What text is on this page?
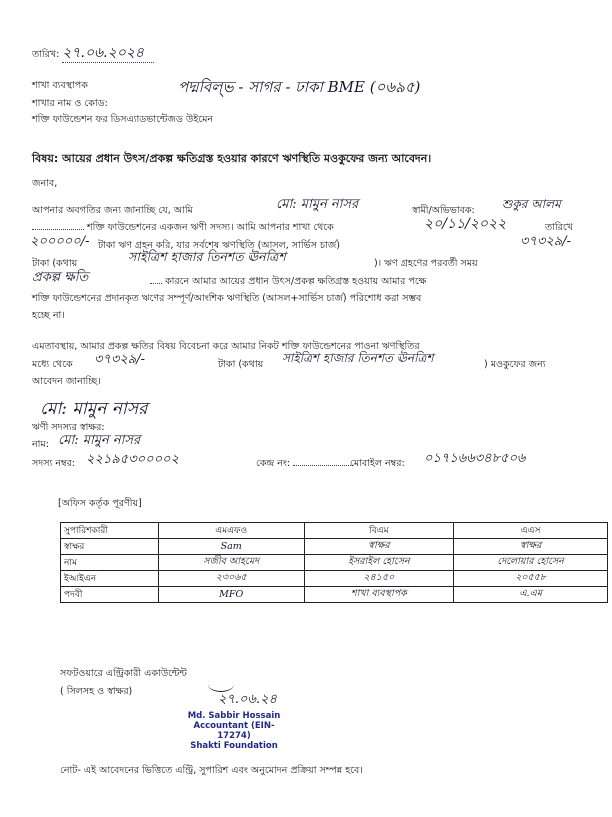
তারিখ: ২৭.০৬.২০২৪
শাখা ব্যবস্থাপক
শাখার নাম ও কোড:
পদ্মবিল্ভ - সাগর - ঢাকা BME (০৬৯৫)
শক্তি ফাউন্ডেশন ফর ডিসএ্যাডভান্টেজড উইমেন
বিষয়: আয়ের প্রধান উৎস/প্রকল্প ক্ষতিগ্রস্ত হওয়ার কারণে ঋণস্থিতি মওকুফের জন্য আবেদন।
জনাব,
আপনার অবগতির জন্য জানাচ্ছি যে, আমি	মো: মামুন নাসর	স্বামী/অভিভাবক: শুকুর আলম
শক্তি ফাউন্ডেশনের একজন ঋণী সদস্য। আমি আপনার শাখা থেকে	২০/১১/২০২২	তারিখে
২০০০০০/- টাকা ঋণ গ্রহন করি, যার সর্বশেষ ঋণস্থিতি (আসল, সার্ভিস চার্জ)	৩৭৩২৯/-
টাকা (কথায়	সাইত্রিশ হাজার তিনশত ঊনত্রিশ	)। ঋণ গ্রহণের পরবর্তী সময়
প্রকল্প ক্ষতি	কারনে আমার আয়ের প্রধান উৎস/প্রকল্প ক্ষতিগ্রস্ত হওয়ায় আমার পক্ষে
শক্তি ফাউন্ডেশনের প্রদানকৃত ঋণের সম্পূর্ণ/আংশিক ঋণস্থিতি (আসল+সার্ভিস চার্জ) পরিশোধ করা সম্ভব
হচ্ছে না।
এমতাবস্থায়, আমার প্রকল্প ক্ষতির বিষয় বিবেচনা করে আমার নিকট শক্তি ফাউন্ডেশনের পাওনা ঋণস্থিতির
মধ্যে থেকে ৩৭৩২৯/-	টাকা (কথায় সাইত্রিশ হাজার তিনশত ঊনত্রিশ	) মওকুফের জন্য
আবেদন জানাচ্ছি।
মো: মামুন নাসর
ঋণী সদস্যর স্বাক্ষর:
নাম: মো: মামুন নাসর
সদস্য নম্বর: ২২১৯৫৩০০০০২	কেন্দ্র নং:	মোবাইল নম্বর: ০১৭১৬৬৩৪৮৫০৬
[অফিস কর্তৃক পূরণীয়]
সুপারিশকারী	এমএফও	বিএম	এএস
স্বাক্ষর	Sam	স্বাক্ষর	স্বাক্ষর
নাম	সজীব আহমেদ	ইসরাইল হোসেন	দেলোয়ার হোসেন
ইআইএন	২৩০৬৫	২৪১৫০	২০৫৫৮
পদবী	MFO	শাখা ব্যবস্থাপক	এ.এম
সফটওয়ারে এন্ট্রিকারী একাউন্টেন্ট
( সিলসহ ও স্বাক্ষর)
২৭.০৬.২৪
Md. Sabbir Hossain
Accountant (EIN-17274)
Shakti Foundation
নোট- এই আবেদনের ভিত্তিতে এন্ট্রি, সুপারিশ এবং অনুমোদন প্রক্রিয়া সম্পন্ন হবে।
